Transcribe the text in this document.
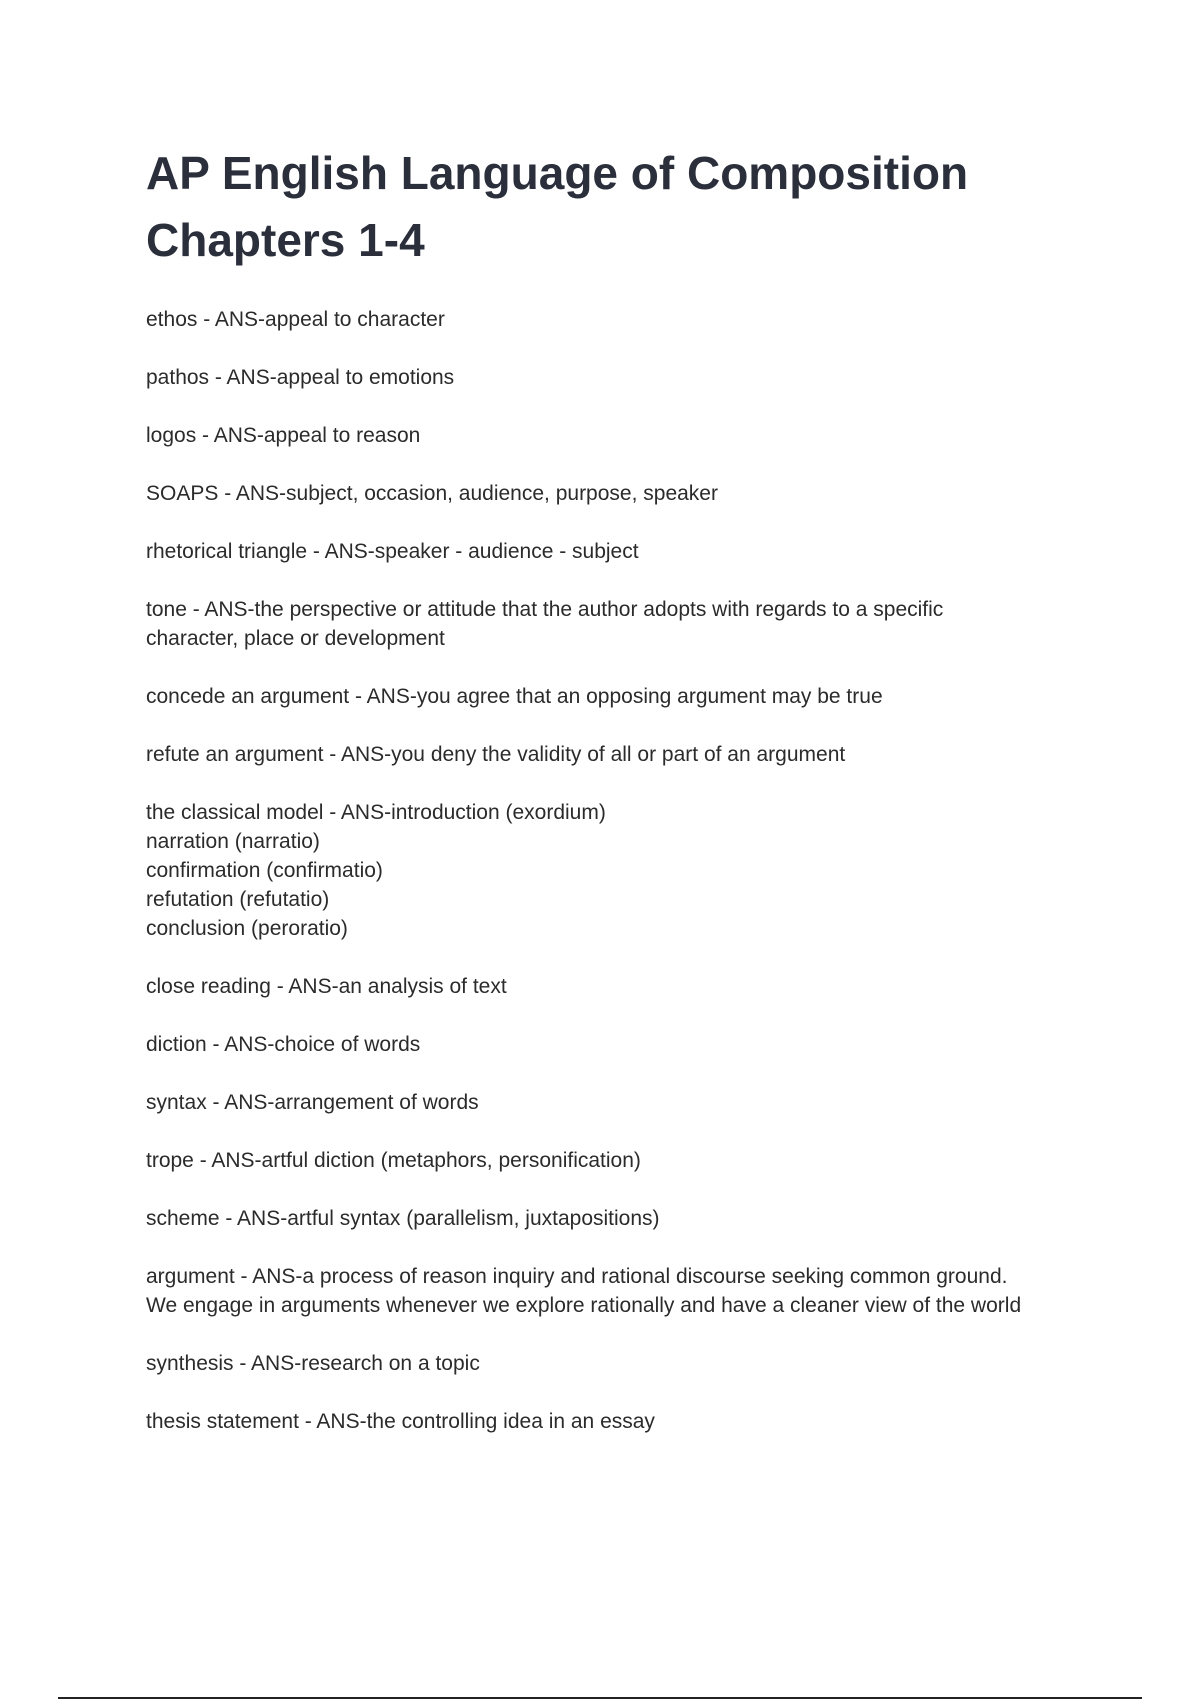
AP English Language of Composition Chapters 1-4
ethos - ANS-appeal to character
pathos - ANS-appeal to emotions
logos - ANS-appeal to reason
SOAPS - ANS-subject, occasion, audience, purpose, speaker
rhetorical triangle - ANS-speaker - audience - subject
tone - ANS-the perspective or attitude that the author adopts with regards to a specific
character, place or development
concede an argument - ANS-you agree that an opposing argument may be true
refute an argument - ANS-you deny the validity of all or part of an argument
the classical model - ANS-introduction (exordium)
narration (narratio)
confirmation (confirmatio)
refutation (refutatio)
conclusion (peroratio)
close reading - ANS-an analysis of text
diction - ANS-choice of words
syntax - ANS-arrangement of words
trope - ANS-artful diction (metaphors, personification)
scheme - ANS-artful syntax (parallelism, juxtapositions)
argument - ANS-a process of reason inquiry and rational discourse seeking common ground.
We engage in arguments whenever we explore rationally and have a cleaner view of the world
synthesis - ANS-research on a topic
thesis statement - ANS-the controlling idea in an essay
